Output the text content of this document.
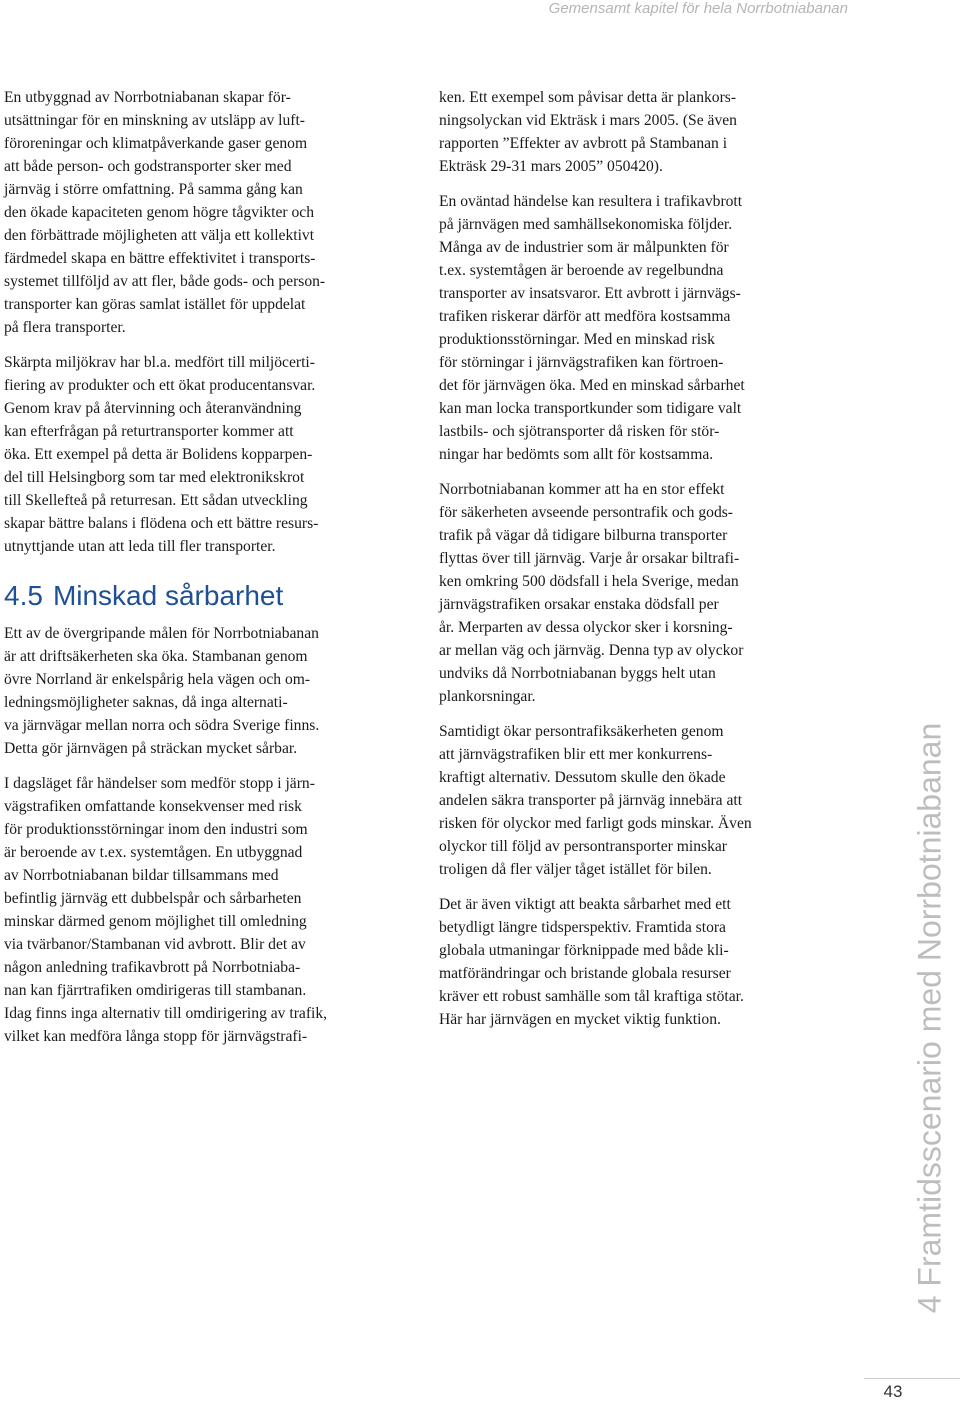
Gemensamt kapitel för hela Norrbotniabanan

En utbyggnad av Norrbotniabanan skapar för-
utsättningar för en minskning av utsläpp av luft-
föroreningar och klimatpåverkande gaser genom
att både person- och godstransporter sker med
järnväg i större omfattning. På samma gång kan
den ökade kapaciteten genom högre tågvikter och
den förbättrade möjligheten att välja ett kollektivt
färdmedel skapa en bättre effektivitet i transports-
systemet tillföljd av att fler, både gods- och person-
transporter kan göras samlat istället för uppdelat
på flera transporter.

Skärpta miljökrav har bl.a. medfört till miljöcerti-
fiering av produkter och ett ökat producentansvar.
Genom krav på återvinning och återanvändning
kan efterfrågan på returtransporter kommer att
öka. Ett exempel på detta är Bolidens kopparpen-
del till Helsingborg som tar med elektronikskrot
till Skellefteå på returresan. Ett sådan utveckling
skapar bättre balans i flödena och ett bättre resurs-
utnyttjande utan att leda till fler transporter.

4.5 Minskad sårbarhet

Ett av de övergripande målen för Norrbotniabanan
är att driftsäkerheten ska öka. Stambanan genom
övre Norrland är enkelspårig hela vägen och om-
ledningsmöjligheter saknas, då inga alternati-
va järnvägar mellan norra och södra Sverige finns.
Detta gör järnvägen på sträckan mycket sårbar.

I dagsläget får händelser som medför stopp i järn-
vägstrafiken omfattande konsekvenser med risk
för produktionsstörningar inom den industri som
är beroende av t.ex. systemtågen. En utbyggnad
av Norrbotniabanan bildar tillsammans med
befintlig järnväg ett dubbelspår och sårbarheten
minskar därmed genom möjlighet till omledning
via tvärbanor/Stambanan vid avbrott. Blir det av
någon anledning trafikavbrott på Norrbotniaba-
nan kan fjärrtrafiken omdirigeras till stambanan.
Idag finns inga alternativ till omdirigering av trafik,
vilket kan medföra långa stopp för järnvägstrafi-

ken. Ett exempel som påvisar detta är plankors-
ningsolyckan vid Ekträsk i mars 2005. (Se även
rapporten ”Effekter av avbrott på Stambanan i
Ekträsk 29-31 mars 2005” 050420).

En oväntad händelse kan resultera i trafikavbrott
på järnvägen med samhällsekonomiska följder.
Många av de industrier som är målpunkten för
t.ex. systemtågen är beroende av regelbundna
transporter av insatsvaror. Ett avbrott i järnvägs-
trafiken riskerar därför att medföra kostsamma
produktionsstörningar. Med en minskad risk
för störningar i järnvägstrafiken kan förtroen-
det för järnvägen öka. Med en minskad sårbarhet
kan man locka transportkunder som tidigare valt
lastbils- och sjötransporter då risken för stör-
ningar har bedömts som allt för kostsamma.

Norrbotniabanan kommer att ha en stor effekt
för säkerheten avseende persontrafik och gods-
trafik på vägar då tidigare bilburna transporter
flyttas över till järnväg. Varje år orsakar biltrafi-
ken omkring 500 dödsfall i hela Sverige, medan
järnvägstrafiken orsakar enstaka dödsfall per
år. Merparten av dessa olyckor sker i korsning-
ar mellan väg och järnväg. Denna typ av olyckor
undviks då Norrbotniabanan byggs helt utan
plankorsningar.

Samtidigt ökar persontrafiksäkerheten genom
att järnvägstrafiken blir ett mer konkurrens-
kraftigt alternativ. Dessutom skulle den ökade
andelen säkra transporter på järnväg innebära att
risken för olyckor med farligt gods minskar. Även
olyckor till följd av persontransporter minskar
troligen då fler väljer tåget istället för bilen.

Det är även viktigt att beakta sårbarhet med ett
betydligt längre tidsperspektiv. Framtida stora
globala utmaningar förknippade med både kli-
matförändringar och bristande globala resurser
kräver ett robust samhälle som tål kraftiga stötar.
Här har järnvägen en mycket viktig funktion.	4 Framtidsscenario med Norrbotniabanan
43
